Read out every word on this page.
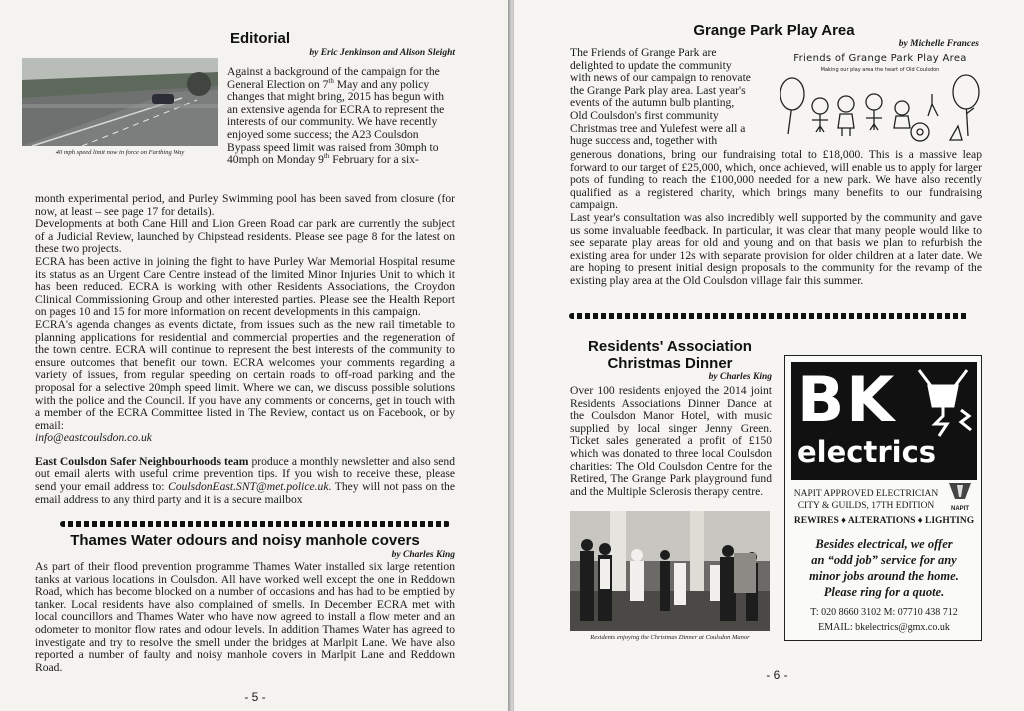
Editorial
by Eric Jenkinson and Alison Sleight
40 mph speed limit now in force on Farthing Way

Against a background of the campaign for the

General Election on 7th May and any policy

changes that might bring, 2015 has begun with

an extensive agenda for ECRA to represent the

interests of our community. We have recently

enjoyed some success; the A23 Coulsdon

Bypass speed limit was raised from 30mph to

40mph on Monday 9th February for a six-

month experimental period, and Purley Swimming pool has been saved from closure (for now, at least – see page 17 for details).

Developments at both Cane Hill and Lion Green Road car park are currently the subject of a Judicial Review, launched by Chipstead residents. Please see page 8 for the latest on these two projects.

ECRA has been active in joining the fight to have Purley War Memorial Hospital resume its status as an Urgent Care Centre instead of the limited Minor Injuries Unit to which it has been reduced. ECRA is working with other Residents Associations, the Croydon Clinical Commissioning Group and other interested parties. Please see the Health Report on pages 10 and 15 for more information on recent developments in this campaign.

ECRA's agenda changes as events dictate, from issues such as the new rail timetable to planning applications for residential and commercial properties and the regeneration of the town centre. ECRA will continue to represent the best interests of the community to ensure outcomes that benefit our town. ECRA welcomes your comments regarding a variety of issues, from regular speeding on certain roads to off-road parking and the proposal for a selective 20mph speed limit. Where we can, we discuss possible solutions with the police and the Council. If you have any comments or concerns, get in touch with a member of the ECRA Committee listed in The Review, contact us on Facebook, or by email:
info@eastcoulsdon.co.uk

East Coulsdon Safer Neighbourhoods team produce a monthly newsletter and also send out email alerts with useful crime prevention tips. If you wish to receive these, please send your email address to: CoulsdonEast.SNT@met.police.uk. They will not pass on the email address to any third party and it is a secure mailbox

Thames Water odours and noisy manhole covers
by Charles King
As part of their flood prevention programme Thames Water installed six large retention tanks at various locations in Coulsdon. All have worked well except the one in Reddown Road, which has become blocked on a number of occasions and has had to be emptied by tanker. Local residents have also complained of smells. In December ECRA met with local councillors and Thames Water who have now agreed to install a flow meter and an odometer to monitor flow rates and odour levels. In addition Thames Water has agreed to investigate and try to resolve the smell under the bridges at Marlpit Lane. We have also reported a number of faulty and noisy manhole covers in Marlpit Lane and Reddown Road.
- 5 -
Grange Park Play Area
by Michelle Frances

The Friends of Grange Park are

delighted to update the community

with news of our campaign to renovate

the Grange Park play area. Last year's

events of the autumn bulb planting,

Old Coulsdon's first community

Christmas tree and Yulefest were all a

huge success and, together with

Friends of Grange Park Play Area
Making our play area the heart of Old Coulsdon

generous donations, bring our fundraising total to £18,000. This is a massive leap forward to our target of £25,000, which, once achieved, will enable us to apply for larger pots of funding to reach the £100,000 needed for a new park. We have also recently qualified as a registered charity, which brings many benefits to our fundraising campaign.

Last year's consultation was also incredibly well supported by the community and gave us some invaluable feedback. In particular, it was clear that many people would like to see separate play areas for old and young and on that basis we plan to refurbish the existing area for under 12s with separate provision for older children at a later date. We are hoping to present initial design proposals to the community for the revamp of the existing play area at the Old Coulsdon village fair this summer.

Residents' Association
Christmas Dinner
by Charles King
Over 100 residents enjoyed the 2014 joint Residents Associations Dinner Dance at the Coulsdon Manor Hotel, with music supplied by local singer Jenny Green. Ticket sales generated a profit of £150 which was donated to three local Coulsdon charities: The Old Coulsdon Centre for the Retired, The Grange Park playground fund and the Multiple Sclerosis therapy centre.
Residents enjoying the Christmas Dinner at Coulsdon Manor
BK
electrics
NAPIT APPROVED ELECTRICIAN
CITY & GUILDS, 17TH EDITION	NAPIT
REWIRES ♦ ALTERATIONS ♦ LIGHTING
Besides electrical, we offer
an “odd job” service for any
minor jobs around the home.
Please ring for a quote.
T: 020 8660 3102 M: 07710 438 712
EMAIL: bkelectrics@gmx.co.uk
- 6 -
